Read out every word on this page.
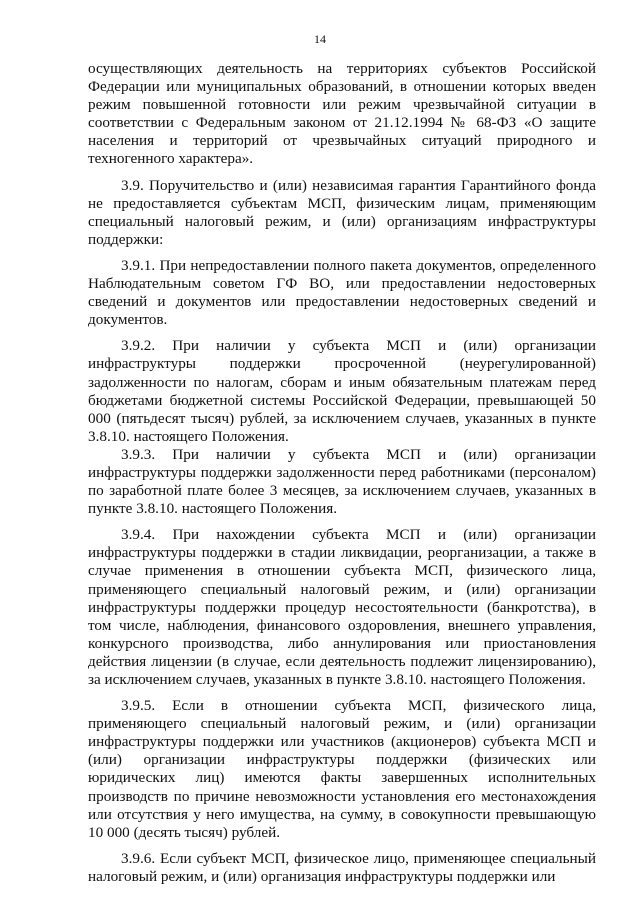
14

осуществляющих деятельность на территориях субъектов Российской Федерации или муниципальных образований, в отношении которых введен режим повышенной готовности или режим чрезвычайной ситуации в соответствии с Федеральным законом от 21.12.1994 № 68-ФЗ «О защите населения и территорий от чрезвычайных ситуаций природного и техногенного характера».

3.9. Поручительство и (или) независимая гарантия Гарантийного фонда не предоставляется субъектам МСП, физическим лицам, применяющим специальный налоговый режим, и (или) организациям инфраструктуры поддержки:

3.9.1. При непредоставлении полного пакета документов, определенного Наблюдательным советом ГФ ВО, или предоставлении недостоверных сведений и документов или предоставлении недостоверных сведений и документов.

3.9.2. При наличии у субъекта МСП и (или) организации инфраструктуры поддержки просроченной (неурегулированной) задолженности по налогам, сборам и иным обязательным платежам перед бюджетами бюджетной системы Российской Федерации, превышающей 50 000 (пятьдесят тысяч) рублей, за исключением случаев, указанных в пункте 3.8.10. настоящего Положения.

3.9.3. При наличии у субъекта МСП и (или) организации инфраструктуры поддержки задолженности перед работниками (персоналом) по заработной плате более 3 месяцев, за исключением случаев, указанных в пункте 3.8.10. настоящего Положения.

3.9.4. При нахождении субъекта МСП и (или) организации инфраструктуры поддержки в стадии ликвидации, реорганизации, а также в случае применения в отношении субъекта МСП, физического лица, применяющего специальный налоговый режим, и (или) организации инфраструктуры поддержки процедур несостоятельности (банкротства), в том числе, наблюдения, финансового оздоровления, внешнего управления, конкурсного производства, либо аннулирования или приостановления действия лицензии (в случае, если деятельность подлежит лицензированию), за исключением случаев, указанных в пункте 3.8.10. настоящего Положения.

3.9.5. Если в отношении субъекта МСП, физического лица, применяющего специальный налоговый режим, и (или) организации инфраструктуры поддержки или участников (акционеров) субъекта МСП и (или) организации инфраструктуры поддержки (физических или юридических лиц) имеются факты завершенных исполнительных производств по причине невозможности установления его местонахождения или отсутствия у него имущества, на сумму, в совокупности превышающую 10 000 (десять тысяч) рублей.

3.9.6. Если субъект МСП, физическое лицо, применяющее специальный налоговый режим, и (или) организация инфраструктуры поддержки или
